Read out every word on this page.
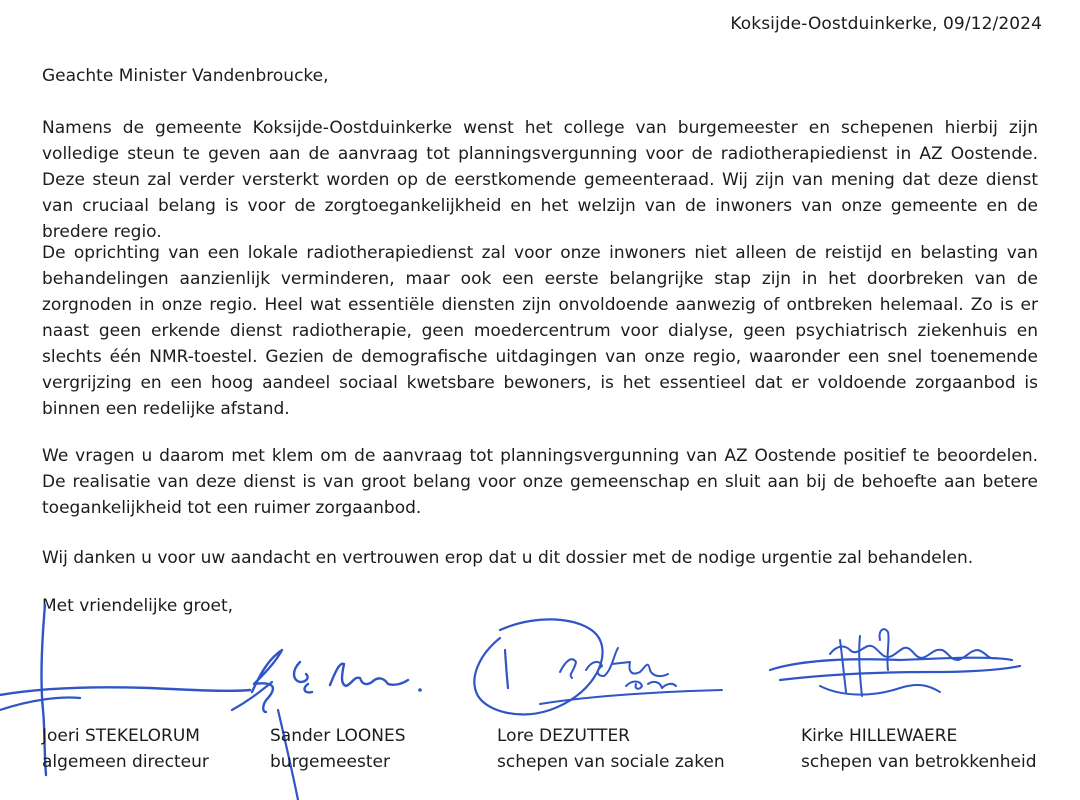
Koksijde-Oostduinkerke, 09/12/2024
Geachte Minister Vandenbroucke,

Namens de gemeente Koksijde-Oostduinkerke wenst het college van burgemeester en schepenen hierbij zijn volledige steun te geven aan de aanvraag tot planningsvergunning voor de radiotherapiedienst in AZ Oostende. Deze steun zal verder versterkt worden op de eerstkomende gemeenteraad. Wij zijn van mening dat deze dienst van cruciaal belang is voor de zorgtoegankelijkheid en het welzijn van de inwoners van onze gemeente en de bredere regio.

De oprichting van een lokale radiotherapiedienst zal voor onze inwoners niet alleen de reistijd en belasting van behandelingen aanzienlijk verminderen, maar ook een eerste belangrijke stap zijn in het doorbreken van de zorgnoden in onze regio. Heel wat essentiële diensten zijn onvoldoende aanwezig of ontbreken helemaal. Zo is er naast geen erkende dienst radiotherapie, geen moedercentrum voor dialyse, geen psychiatrisch ziekenhuis en slechts één NMR-toestel. Gezien de demografische uitdagingen van onze regio, waaronder een snel toenemende vergrijzing en een hoog aandeel sociaal kwetsbare bewoners, is het essentieel dat er voldoende zorgaanbod is binnen een redelijke afstand.

We vragen u daarom met klem om de aanvraag tot planningsvergunning van AZ Oostende positief te beoordelen. De realisatie van deze dienst is van groot belang voor onze gemeenschap en sluit aan bij de behoefte aan betere toegankelijkheid tot een ruimer zorgaanbod.

Wij danken u voor uw aandacht en vertrouwen erop dat u dit dossier met de nodige urgentie zal behandelen.

Met vriendelijke groet,
Joeri STEKELORUM
algemeen directeur
Sander LOONES
burgemeester
Lore DEZUTTER
schepen van sociale zaken
Kirke HILLEWAERE
schepen van betrokkenheid
